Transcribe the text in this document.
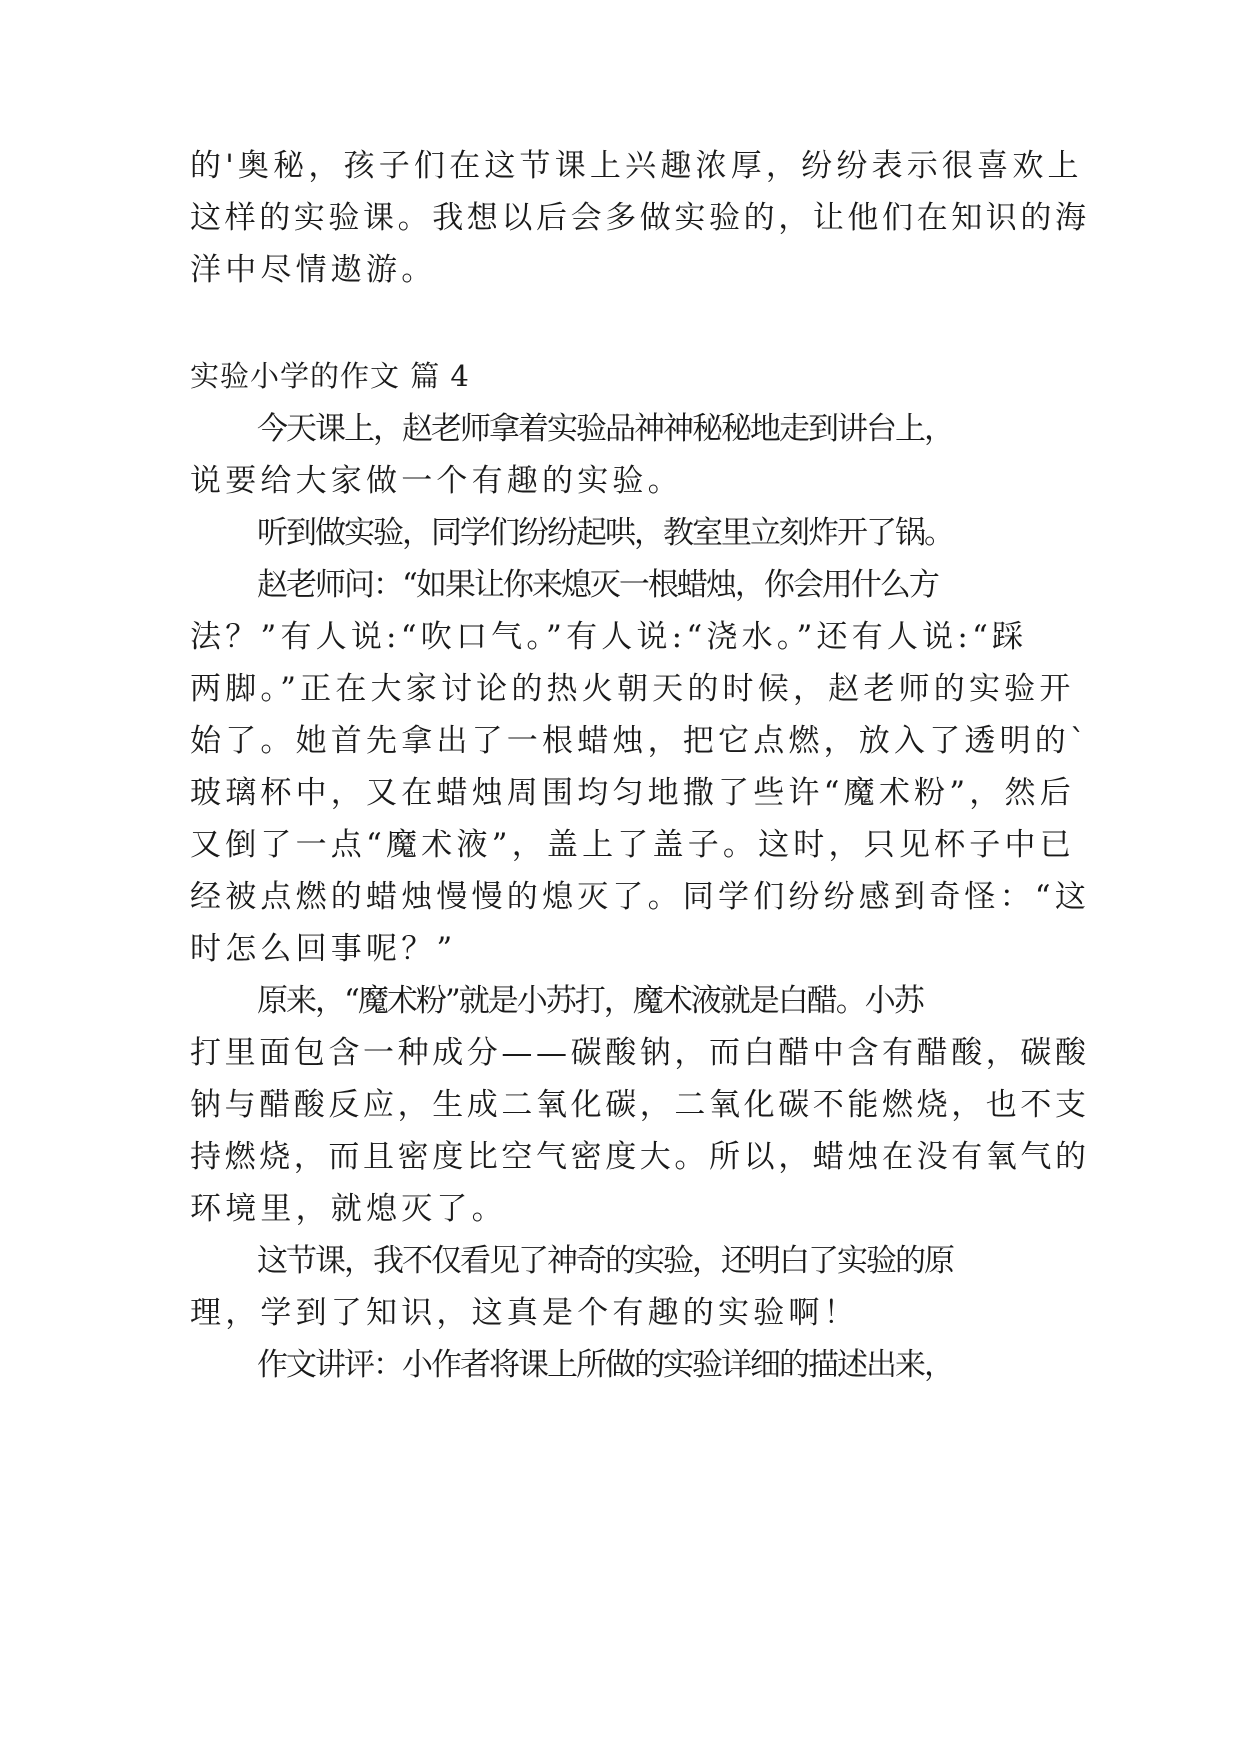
的'奥秘，孩子们在这节课上兴趣浓厚，纷纷表示很喜欢上
这样的实验课。我想以后会多做实验的，让他们在知识的海
洋中尽情遨游。
实验小学的作文 篇 4
今天课上，赵老师拿着实验品神神秘秘地走到讲台上，
说要给大家做一个有趣的实验。
听到做实验，同学们纷纷起哄，教室里立刻炸开了锅。
赵老师问：“如果让你来熄灭一根蜡烛，你会用什么方
法？”有人说:“吹口气。”有人说:“浇水。”还有人说:“踩
两脚。”正在大家讨论的热火朝天的时候，赵老师的实验开
始了。她首先拿出了一根蜡烛，把它点燃，放入了透明的`
玻璃杯中，又在蜡烛周围均匀地撒了些许“魔术粉”，然后
又倒了一点“魔术液”，盖上了盖子。这时，只见杯子中已
经被点燃的蜡烛慢慢的熄灭了。同学们纷纷感到奇怪：“这
时怎么回事呢？”
原来，“魔术粉”就是小苏打，魔术液就是白醋。小苏
打里面包含一种成分——碳酸钠，而白醋中含有醋酸，碳酸
钠与醋酸反应，生成二氧化碳，二氧化碳不能燃烧，也不支
持燃烧，而且密度比空气密度大。所以，蜡烛在没有氧气的
环境里，就熄灭了。
这节课，我不仅看见了神奇的实验，还明白了实验的原
理，学到了知识，这真是个有趣的实验啊！
作文讲评：小作者将课上所做的实验详细的描述出来，
